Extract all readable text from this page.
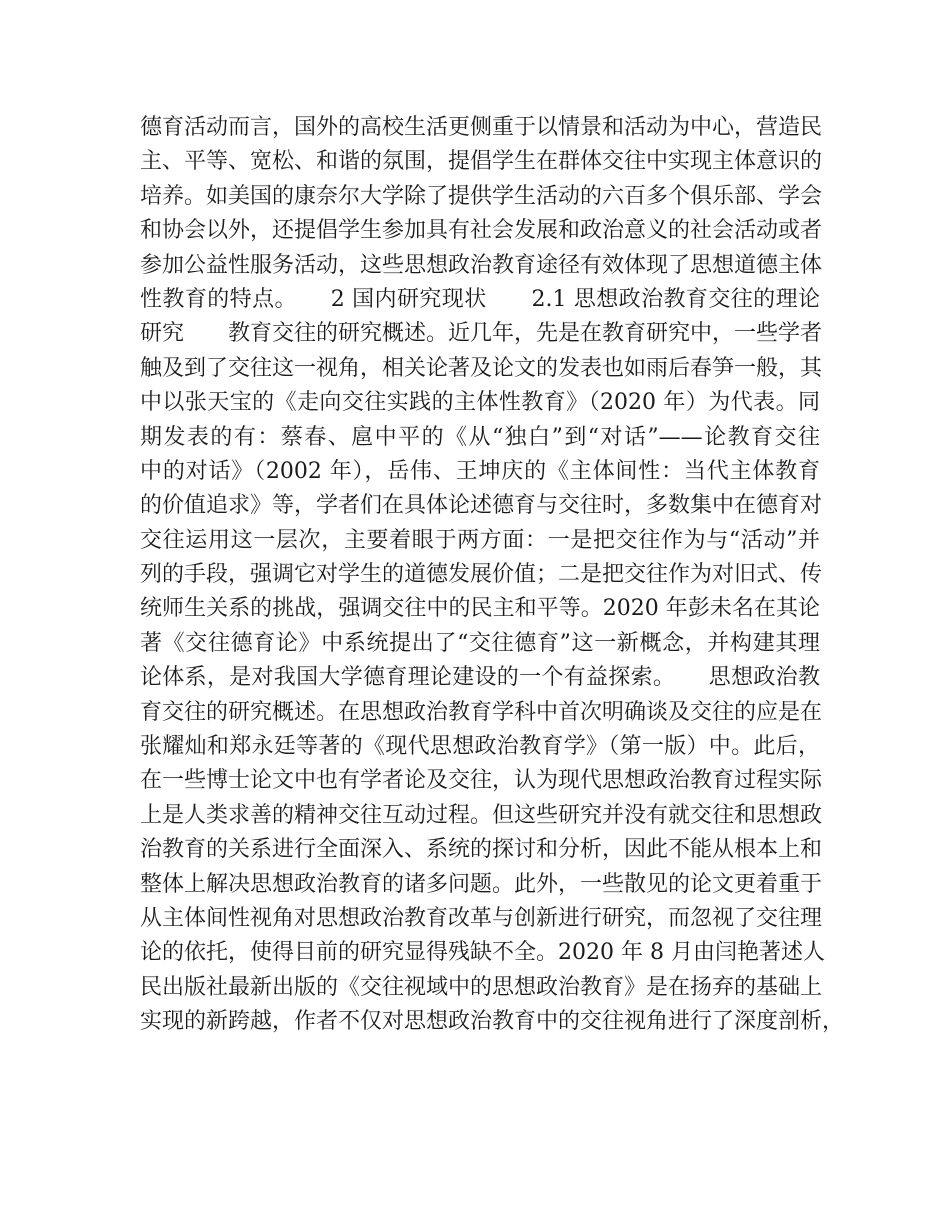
德育活动而言，国外的高校生活更侧重于以情景和活动为中心，营造民
主、平等、宽松、和谐的氛围，提倡学生在群体交往中实现主体意识的
培养。如美国的康奈尔大学除了提供学生活动的六百多个俱乐部、学会
和协会以外，还提倡学生参加具有社会发展和政治意义的社会活动或者
参加公益性服务活动，这些思想政治教育途径有效体现了思想道德主体
性教育的特点。　　2 国内研究现状　　2.1 思想政治教育交往的理论
研究　　教育交往的研究概述。近几年，先是在教育研究中，一些学者
触及到了交往这一视角，相关论著及论文的发表也如雨后春笋一般，其
中以张天宝的《走向交往实践的主体性教育》（2020 年）为代表。同
期发表的有：蔡春、扈中平的《从“独白”到“对话”——论教育交往
中的对话》（2002 年），岳伟、王坤庆的《主体间性：当代主体教育
的价值追求》等，学者们在具体论述德育与交往时，多数集中在德育对
交往运用这一层次，主要着眼于两方面：一是把交往作为与“活动”并
列的手段，强调它对学生的道德发展价值；二是把交往作为对旧式、传
统师生关系的挑战，强调交往中的民主和平等。2020 年彭未名在其论
著《交往德育论》中系统提出了“交往德育”这一新概念，并构建其理
论体系，是对我国大学德育理论建设的一个有益探索。　　思想政治教
育交往的研究概述。在思想政治教育学科中首次明确谈及交往的应是在
张耀灿和郑永廷等著的《现代思想政治教育学》（第一版）中。此后，
在一些博士论文中也有学者论及交往，认为现代思想政治教育过程实际
上是人类求善的精神交往互动过程。但这些研究并没有就交往和思想政
治教育的关系进行全面深入、系统的探讨和分析，因此不能从根本上和
整体上解决思想政治教育的诸多问题。此外，一些散见的论文更着重于
从主体间性视角对思想政治教育改革与创新进行研究，而忽视了交往理
论的依托，使得目前的研究显得残缺不全。2020 年 8 月由闫艳著述人
民出版社最新出版的《交往视域中的思想政治教育》是在扬弃的基础上
实现的新跨越，作者不仅对思想政治教育中的交往视角进行了深度剖析，
